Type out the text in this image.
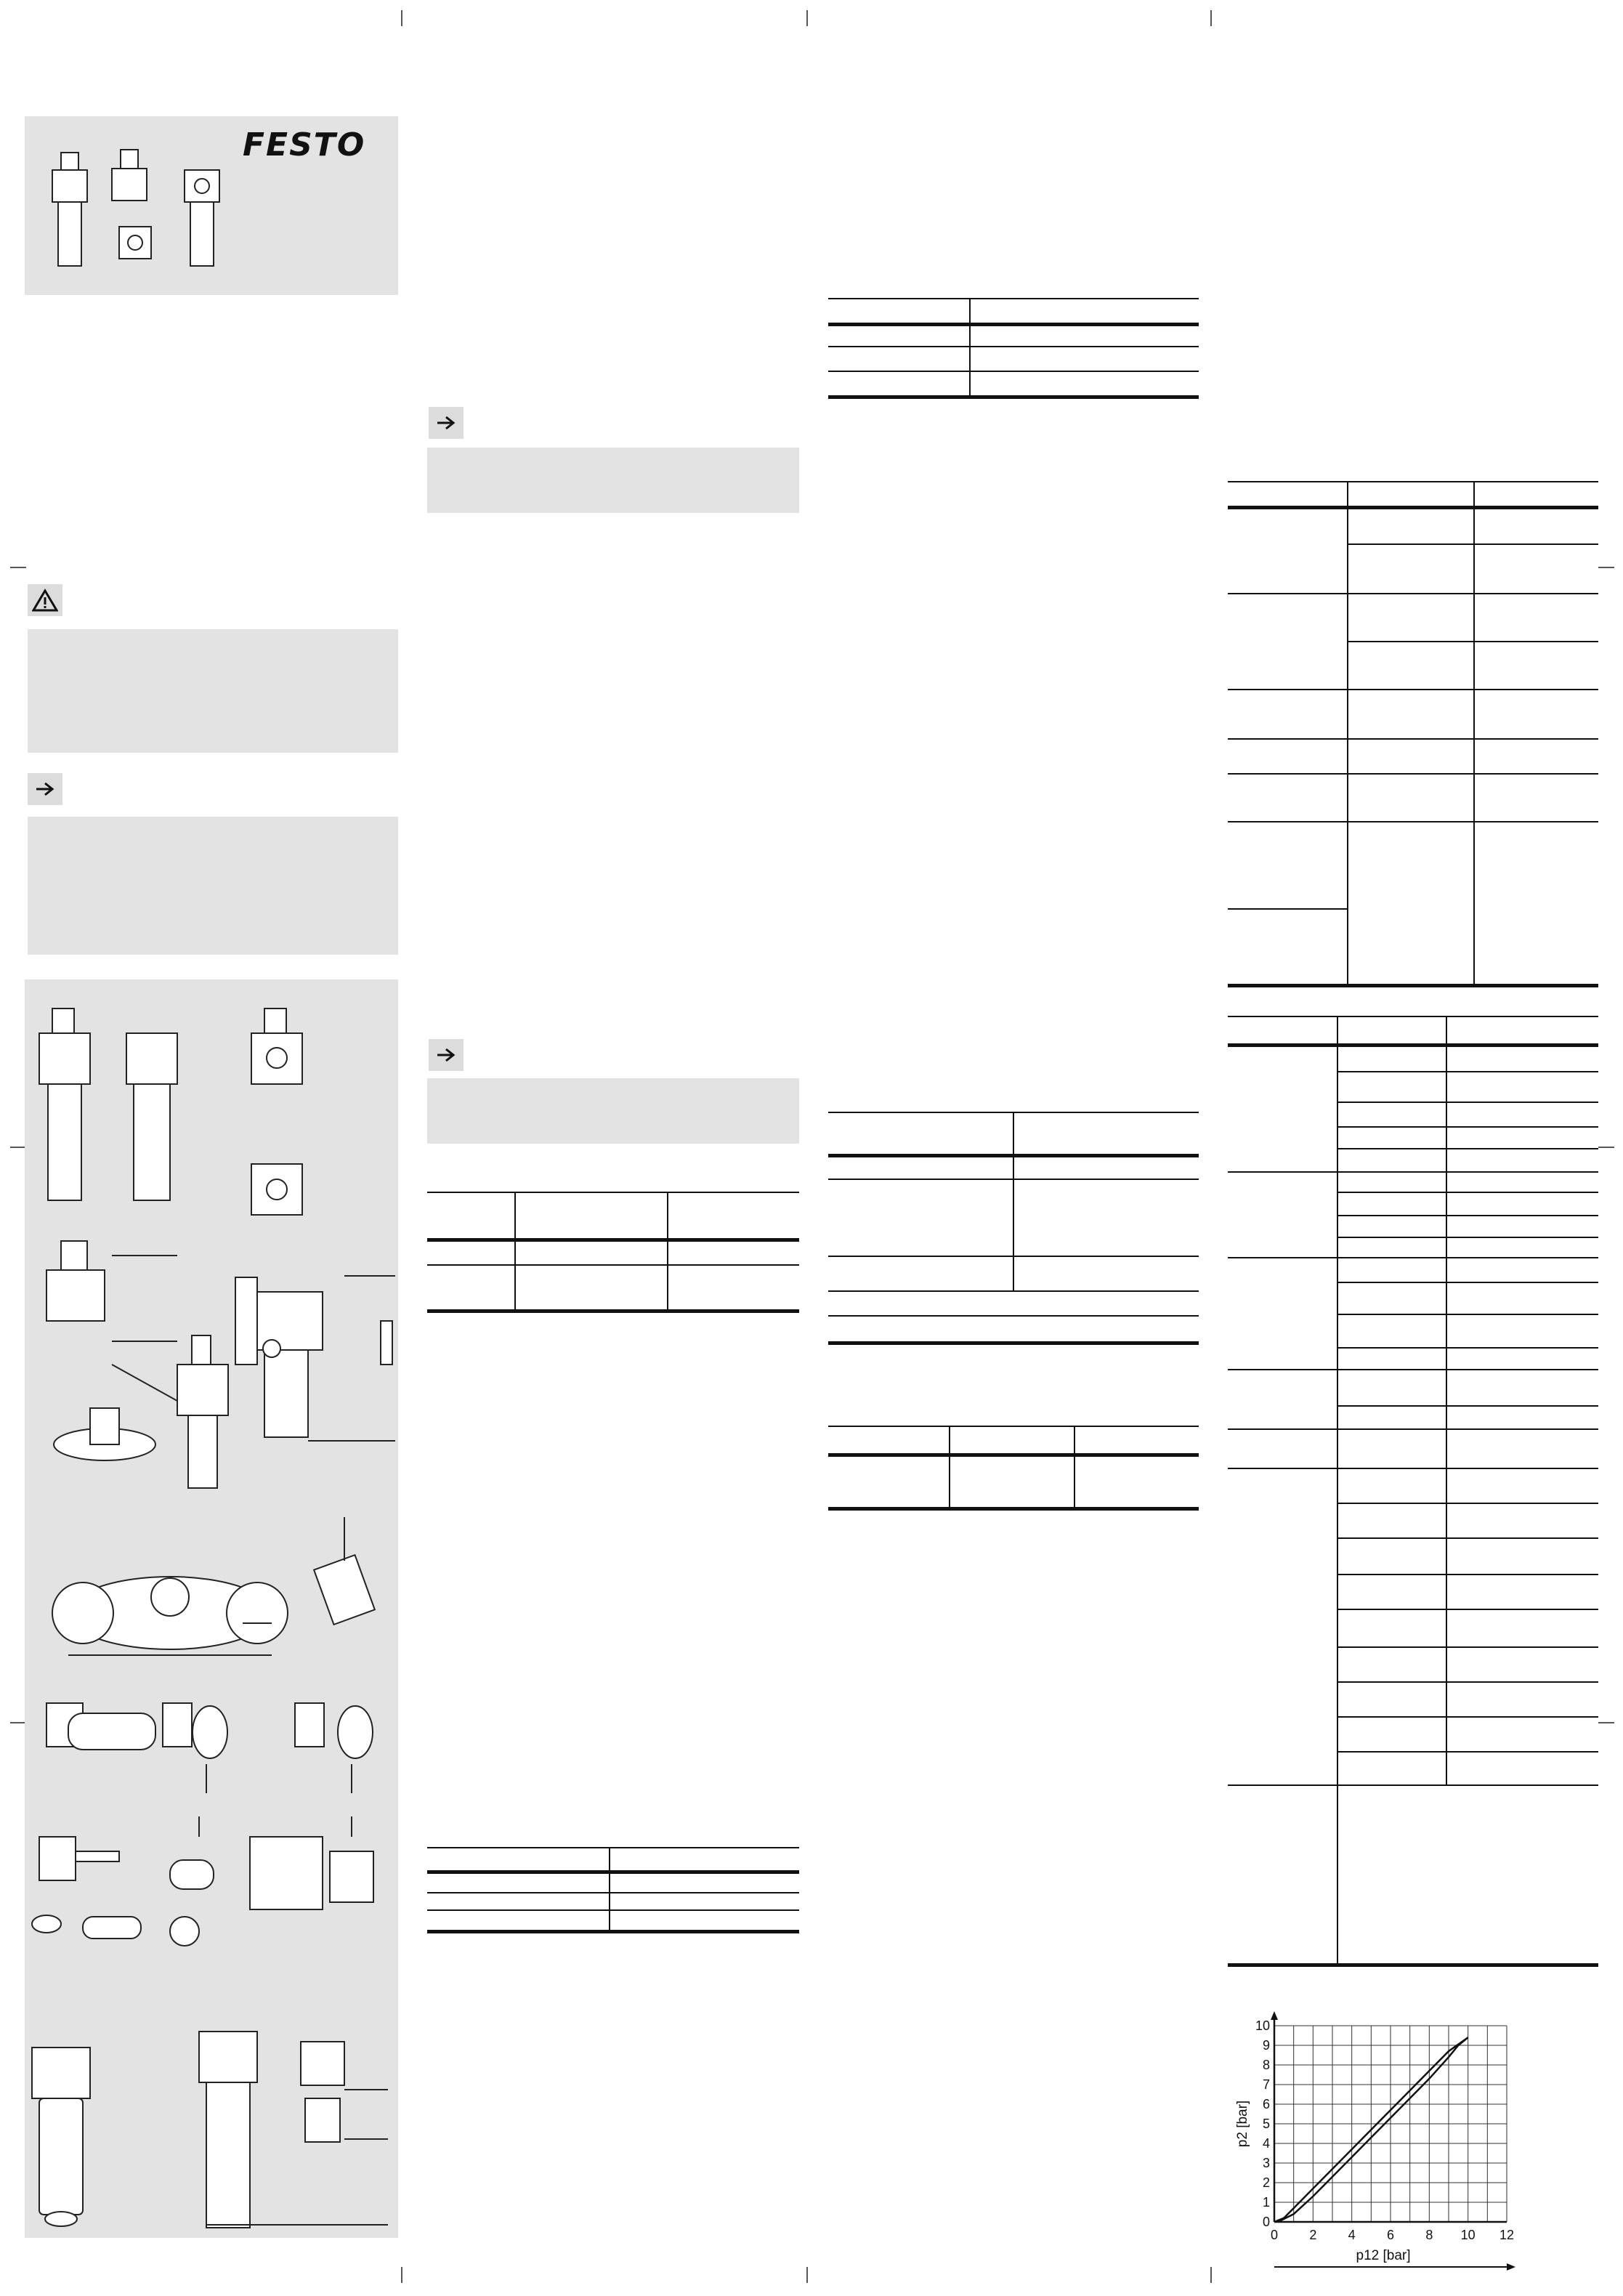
FESTO
0 2 4 6 8 10 12
0
1
2
3
4
5
6
7
8
9
10
p12 [bar]
p2 [bar]
